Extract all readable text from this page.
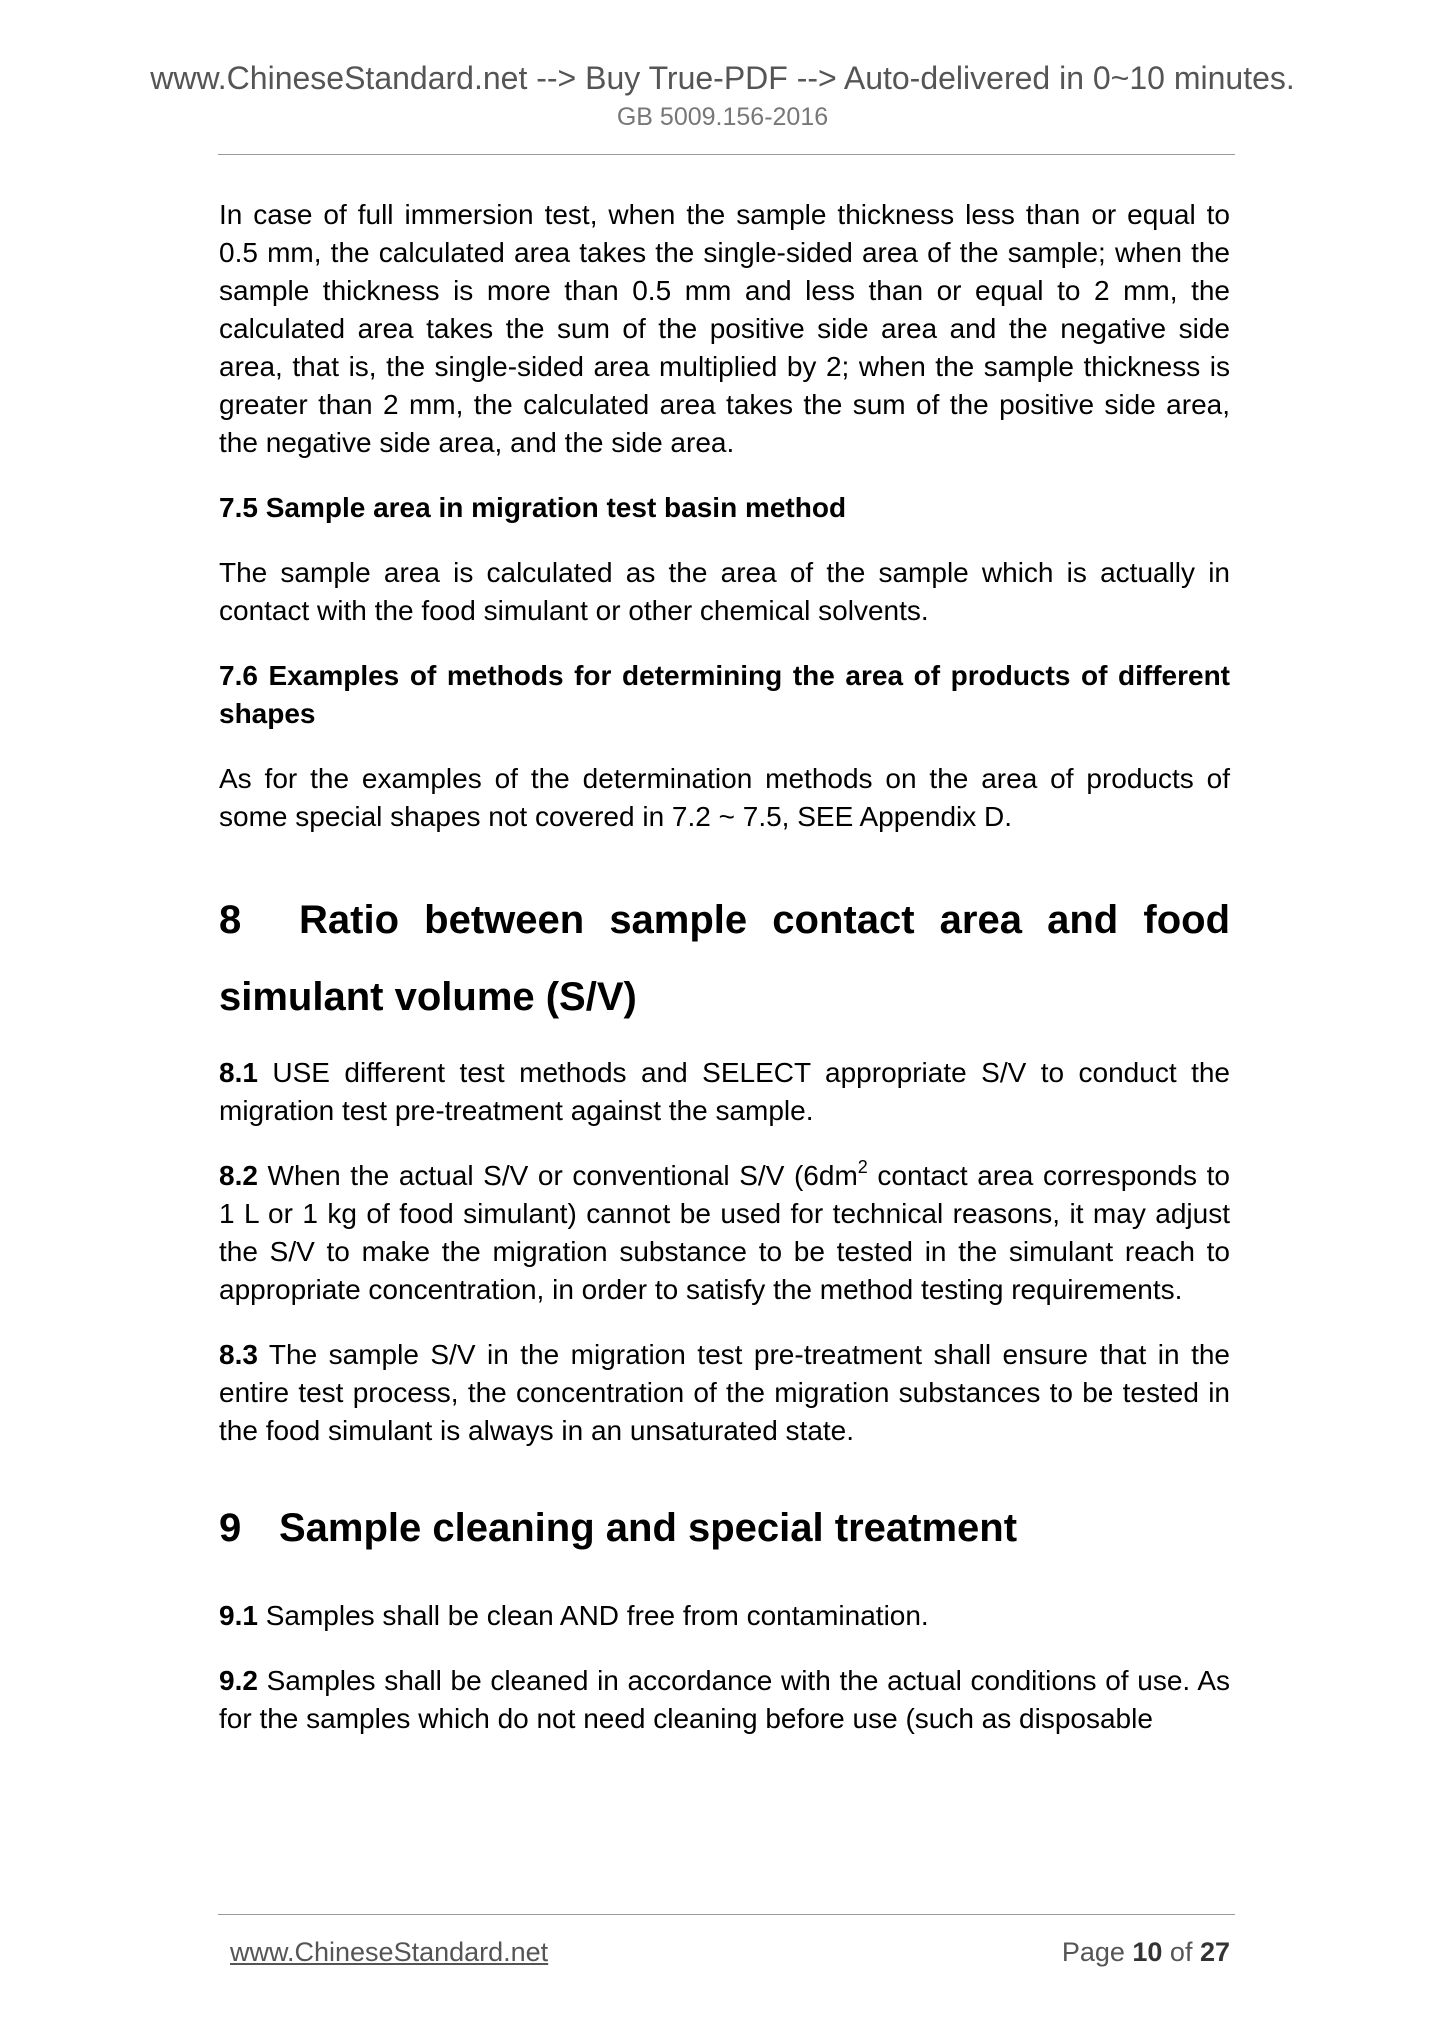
www.ChineseStandard.net --> Buy True-PDF --> Auto-delivered in 0~10 minutes.
GB 5009.156-2016

In case of full immersion test, when the sample thickness less than or equal to 0.5 mm, the calculated area takes the single-sided area of the sample; when the sample thickness is more than 0.5 mm and less than or equal to 2 mm, the calculated area takes the sum of the positive side area and the negative side area, that is, the single-sided area multiplied by 2; when the sample thickness is greater than 2 mm, the calculated area takes the sum of the positive side area, the negative side area, and the side area.

7.5 Sample area in migration test basin method

The sample area is calculated as the area of the sample which is actually in contact with the food simulant or other chemical solvents.

7.6 Examples of methods for determining the area of products of different shapes

As for the examples of the determination methods on the area of products of some special shapes not covered in 7.2 ~ 7.5, SEE Appendix D.

8 Ratio between sample contact area and food simulant volume (S/V)

8.1 USE different test methods and SELECT appropriate S/V to conduct the migration test pre-treatment against the sample.

8.2 When the actual S/V or conventional S/V ($6dm^2$ contact area corresponds to 1 L or 1 kg of food simulant) cannot be used for technical reasons, it may adjust the S/V to make the migration substance to be tested in the simulant reach to appropriate concentration, in order to satisfy the method testing requirements.

8.3 The sample S/V in the migration test pre-treatment shall ensure that in the entire test process, the concentration of the migration substances to be tested in the food simulant is always in an unsaturated state.

9 Sample cleaning and special treatment

9.1 Samples shall be clean AND free from contamination.

9.2 Samples shall be cleaned in accordance with the actual conditions of use. As for the samples which do not need cleaning before use (such as disposable

www.ChineseStandard.net	Page 10 of 27
